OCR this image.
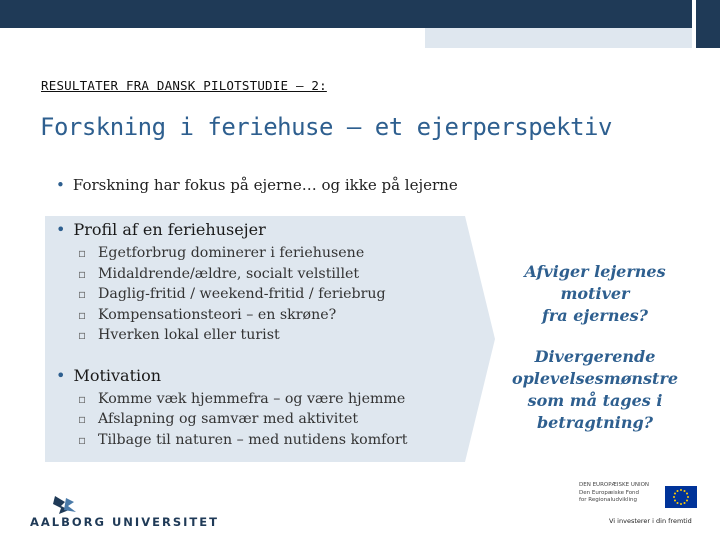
RESULTATER FRA DANSK PILOTSTUDIE – 2:
Forskning i feriehuse – et ejerperspektiv
• Forskning har fokus på ejerne… og ikke på lejerne

• Profil af en feriehusejer

▫ Egetforbrug dominerer i feriehusene
▫ Midaldrende/ældre, socialt velstillet
▫ Daglig-fritid / weekend-fritid / feriebrug
▫ Kompensationsteori – en skrøne?
▫ Hverken lokal eller turist

• Motivation

▫ Komme væk hjemmefra – og være hjemme
▫ Afslapning og samvær med aktivitet
▫ Tilbage til naturen – med nutidens komfort
Afviger lejernes
motiver
fra ejernes?
Divergerende
oplevelsesmønstre
som må tages i
betragtning?
AALBORG UNIVERSITET
DEN EUROPÆISKE UNION
Den Europæiske Fond
for Regionaludvikling
Vi investerer i din fremtid
